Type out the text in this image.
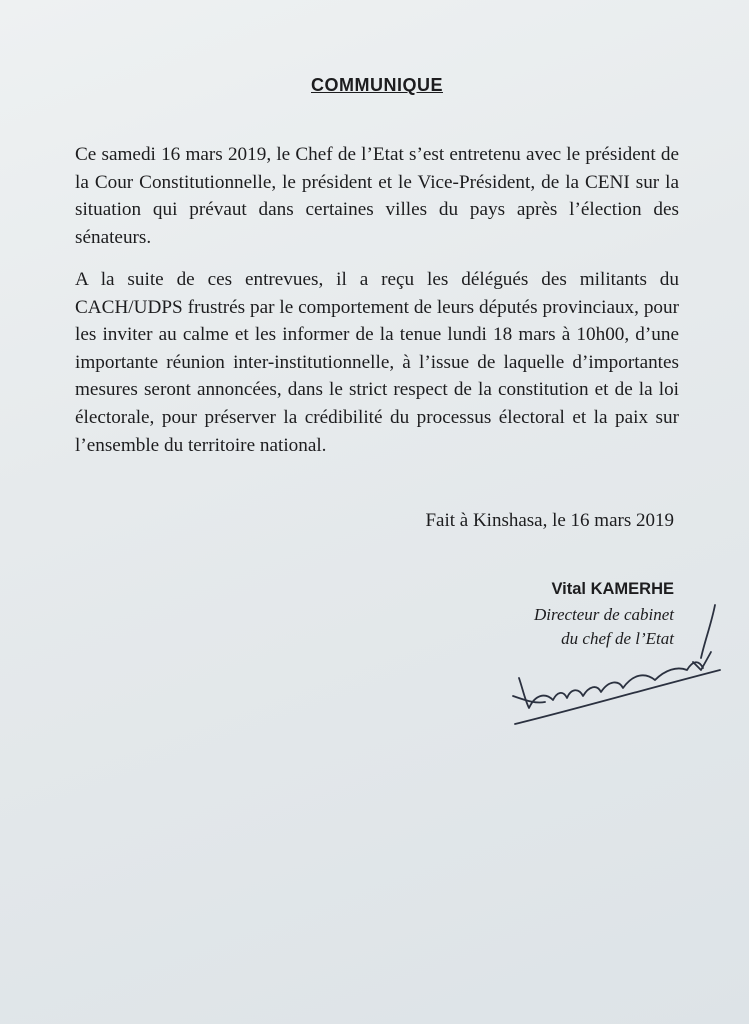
COMMUNIQUE

Ce samedi 16 mars 2019, le Chef de l’Etat s’est entretenu avec le président de la Cour Constitutionnelle, le président et le Vice-Président, de la CENI sur la situation qui prévaut dans certaines villes du pays après l’élection des sénateurs.

A la suite de ces entrevues, il a reçu les délégués des militants du CACH/UDPS frustrés par le comportement de leurs députés provinciaux, pour les inviter au calme et les informer de la tenue lundi 18 mars à 10h00, d’une importante réunion inter-institutionnelle, à l’issue de laquelle d’importantes mesures seront annoncées, dans le strict respect de la constitution et de la loi électorale, pour préserver la crédibilité du processus électoral et la paix sur l’ensemble du territoire national.

Fait à Kinshasa, le 16 mars 2019
Vital KAMERHE
Directeur de cabinet
du chef de l’Etat
